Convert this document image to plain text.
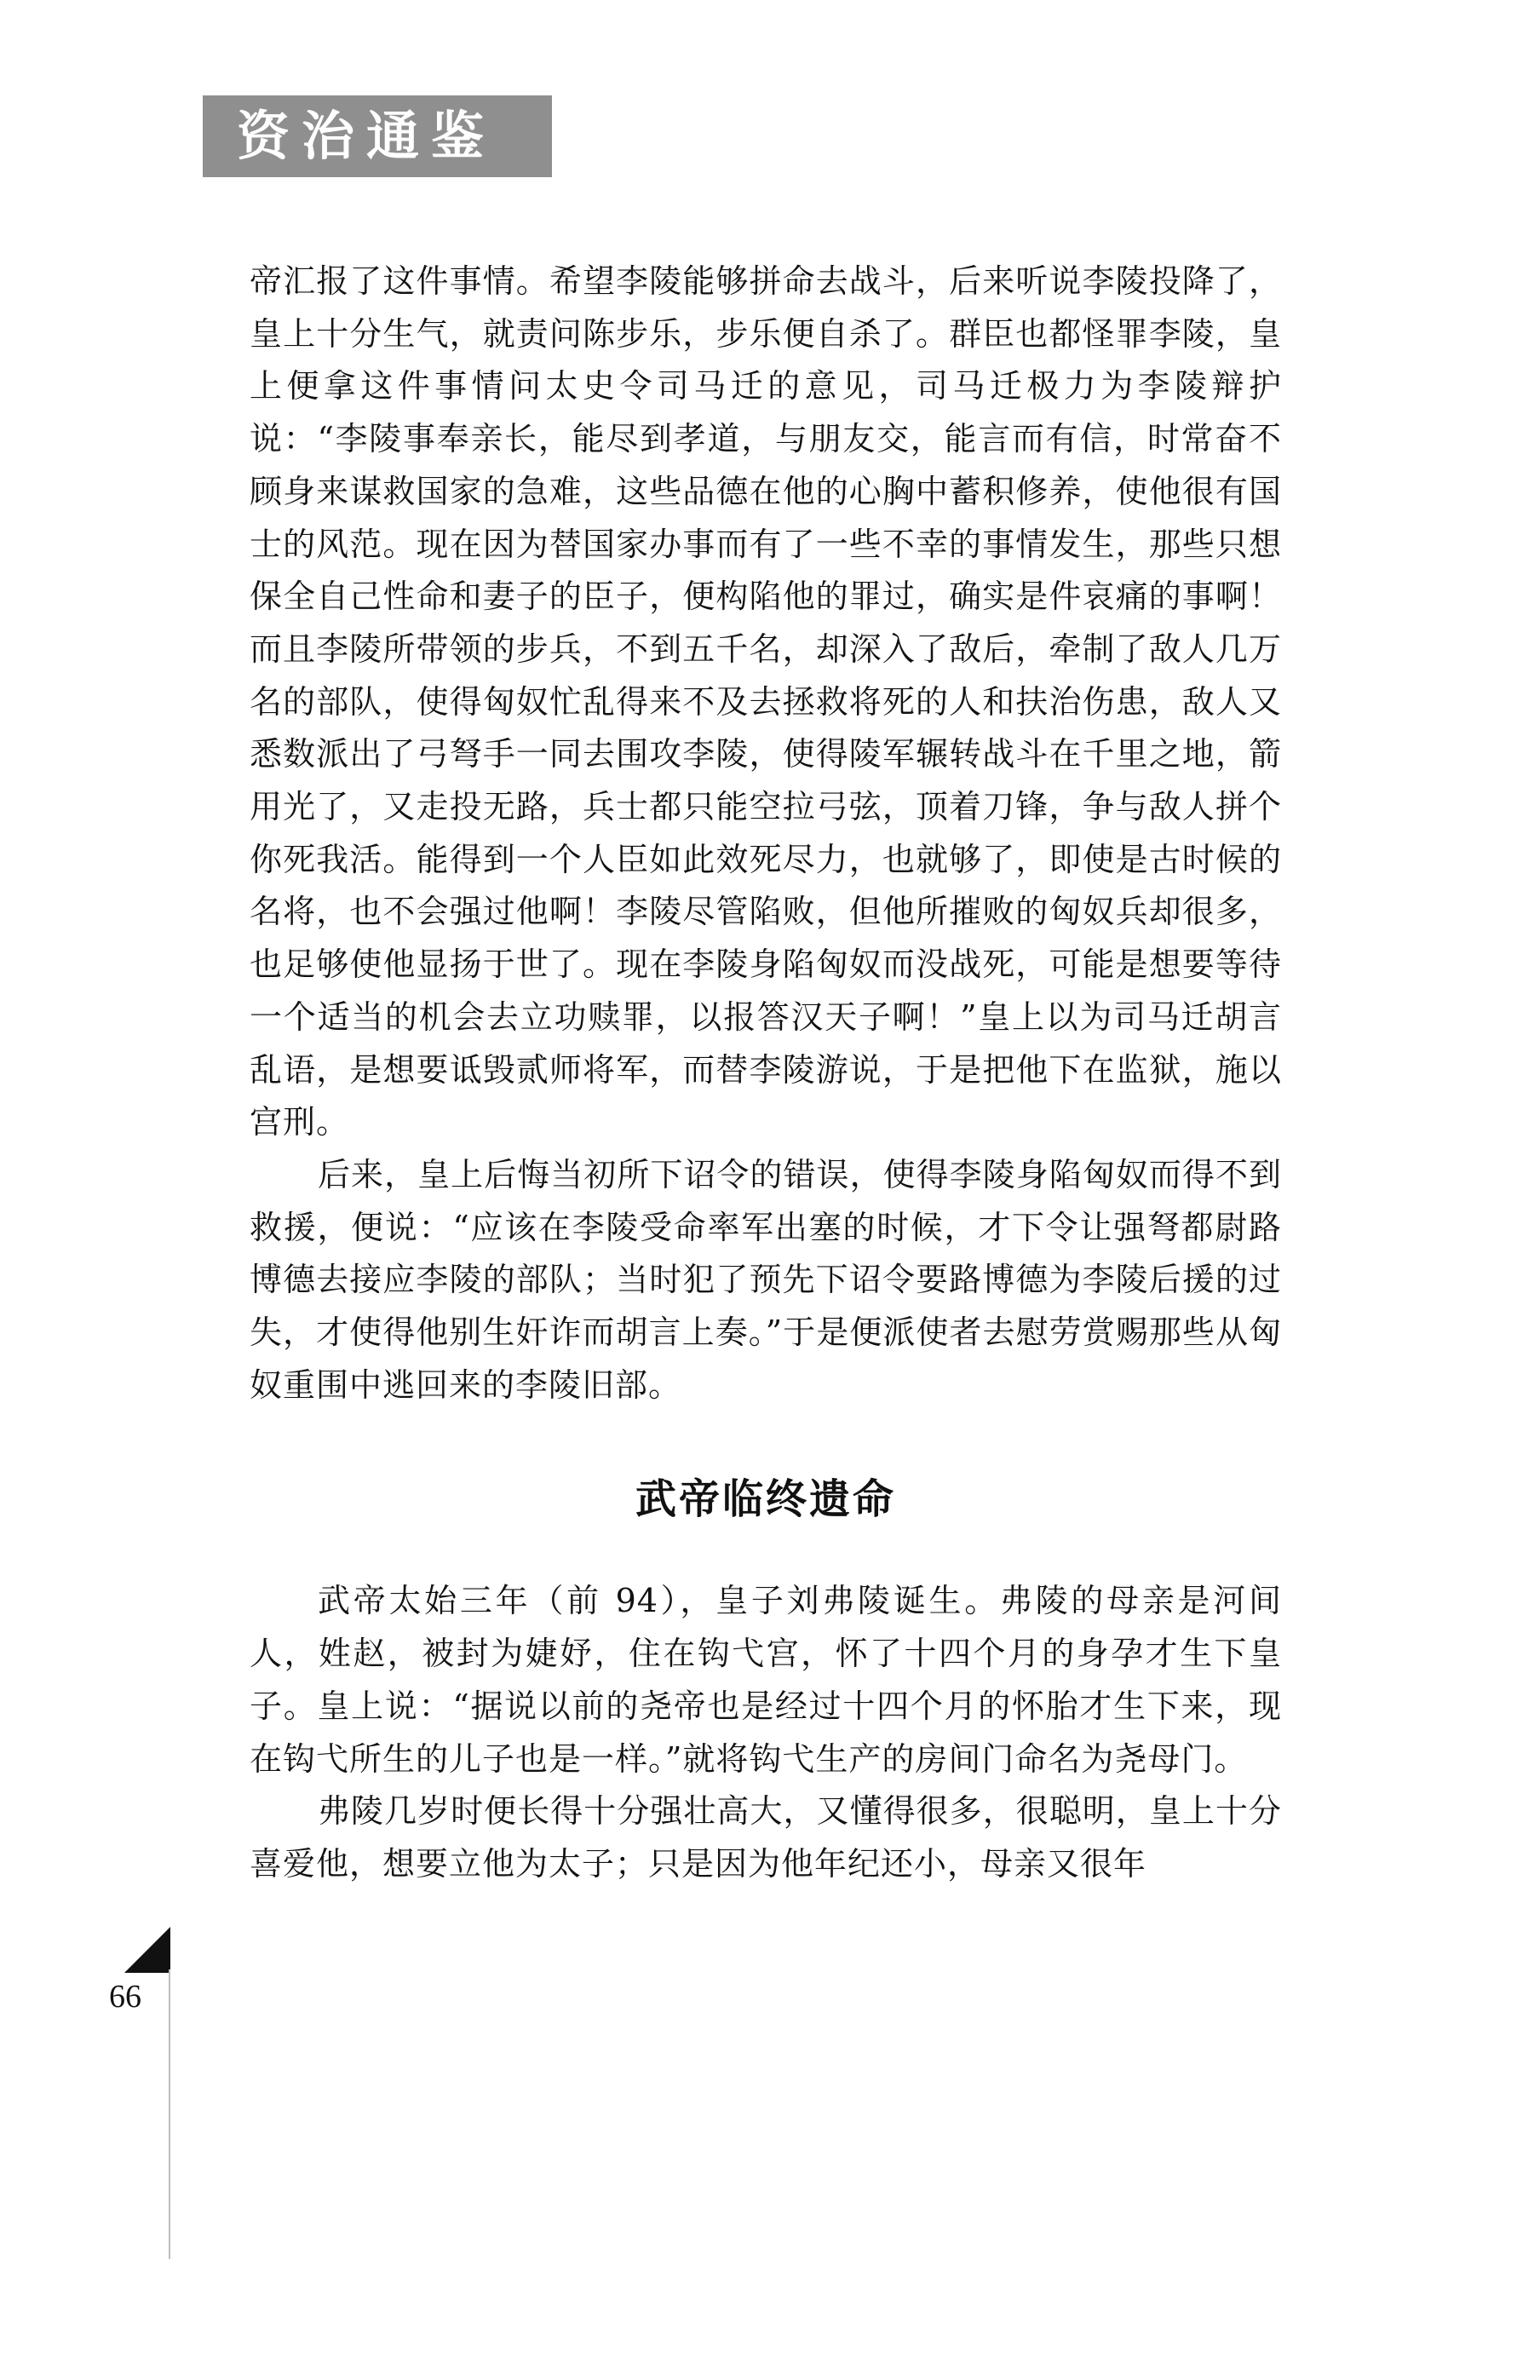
资治通鉴

帝汇报了这件事情。希望李陵能够拼命去战斗，后来听说李陵投降了，皇上十分生气，就责问陈步乐，步乐便自杀了。群臣也都怪罪李陵，皇上便拿这件事情问太史令司马迁的意见，司马迁极力为李陵辩护说：“李陵事奉亲长，能尽到孝道，与朋友交，能言而有信，时常奋不顾身来谋救国家的急难，这些品德在他的心胸中蓄积修养，使他很有国士的风范。现在因为替国家办事而有了一些不幸的事情发生，那些只想保全自己性命和妻子的臣子，便构陷他的罪过，确实是件哀痛的事啊！而且李陵所带领的步兵，不到五千名，却深入了敌后，牵制了敌人几万名的部队，使得匈奴忙乱得来不及去拯救将死的人和扶治伤患，敌人又悉数派出了弓弩手一同去围攻李陵，使得陵军辗转战斗在千里之地，箭用光了，又走投无路，兵士都只能空拉弓弦，顶着刀锋，争与敌人拼个你死我活。能得到一个人臣如此效死尽力，也就够了，即使是古时候的名将，也不会强过他啊！李陵尽管陷败，但他所摧败的匈奴兵却很多，也足够使他显扬于世了。现在李陵身陷匈奴而没战死，可能是想要等待一个适当的机会去立功赎罪，以报答汉天子啊！”皇上以为司马迁胡言乱语，是想要诋毁贰师将军，而替李陵游说，于是把他下在监狱，施以宫刑。

后来，皇上后悔当初所下诏令的错误，使得李陵身陷匈奴而得不到救援，便说：“应该在李陵受命率军出塞的时候，才下令让强弩都尉路博德去接应李陵的部队；当时犯了预先下诏令要路博德为李陵后援的过失，才使得他别生奸诈而胡言上奏。”于是便派使者去慰劳赏赐那些从匈奴重围中逃回来的李陵旧部。

武帝临终遗命

武帝太始三年（前 94），皇子刘弗陵诞生。弗陵的母亲是河间人，姓赵，被封为婕妤，住在钩弋宫，怀了十四个月的身孕才生下皇子。皇上说：“据说以前的尧帝也是经过十四个月的怀胎才生下来，现在钩弋所生的儿子也是一样。”就将钩弋生产的房间门命名为尧母门。

弗陵几岁时便长得十分强壮高大，又懂得很多，很聪明，皇上十分喜爱他，想要立他为太子；只是因为他年纪还小，母亲又很年

66
